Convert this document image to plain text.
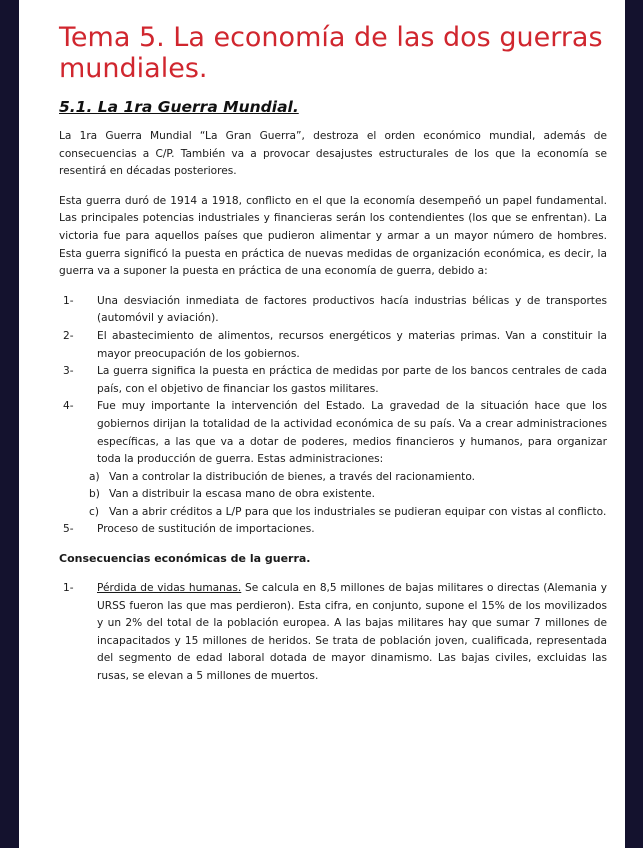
Tema 5. La economía de las dos guerras mundiales.
5.1. La 1ra Guerra Mundial.

La 1ra Guerra Mundial “La Gran Guerra”, destroza el orden económico mundial, además de consecuencias a C/P. También va a provocar desajustes estructurales de los que la economía se resentirá en décadas posteriores.

Esta guerra duró de 1914 a 1918, conflicto en el que la economía desempeñó un papel fundamental. Las principales potencias industriales y financieras serán los contendientes (los que se enfrentan). La victoria fue para aquellos países que pudieron alimentar y armar a un mayor número de hombres. Esta guerra significó la puesta en práctica de nuevas medidas de organización económica, es decir, la guerra va a suponer la puesta en práctica de una economía de guerra, debido a:

1- Una desviación inmediata de factores productivos hacía industrias bélicas y de transportes (automóvil y aviación).
2- El abastecimiento de alimentos, recursos energéticos y materias primas. Van a constituir la mayor preocupación de los gobiernos.
3- La guerra significa la puesta en práctica de medidas por parte de los bancos centrales de cada país, con el objetivo de financiar los gastos militares.
4- Fue muy importante la intervención del Estado. La gravedad de la situación hace que los gobiernos dirijan la totalidad de la actividad económica de su país. Va a crear administraciones específicas, a las que va a dotar de poderes, medios financieros y humanos, para organizar toda la producción de guerra. Estas administraciones:
a) Van a controlar la distribución de bienes, a través del racionamiento.
b) Van a distribuir la escasa mano de obra existente.
c) Van a abrir créditos a L/P para que los industriales se pudieran equipar con vistas al conflicto.
5- Proceso de sustitución de importaciones.
Consecuencias económicas de la guerra.
1- Pérdida de vidas humanas. Se calcula en 8,5 millones de bajas militares o directas (Alemania y URSS fueron las que mas perdieron). Esta cifra, en conjunto, supone el 15% de los movilizados y un 2% del total de la población europea. A las bajas militares hay que sumar 7 millones de incapacitados y 15 millones de heridos. Se trata de población joven, cualificada, representada del segmento de edad laboral dotada de mayor dinamismo. Las bajas civiles, excluidas las rusas, se elevan a 5 millones de muertos.
